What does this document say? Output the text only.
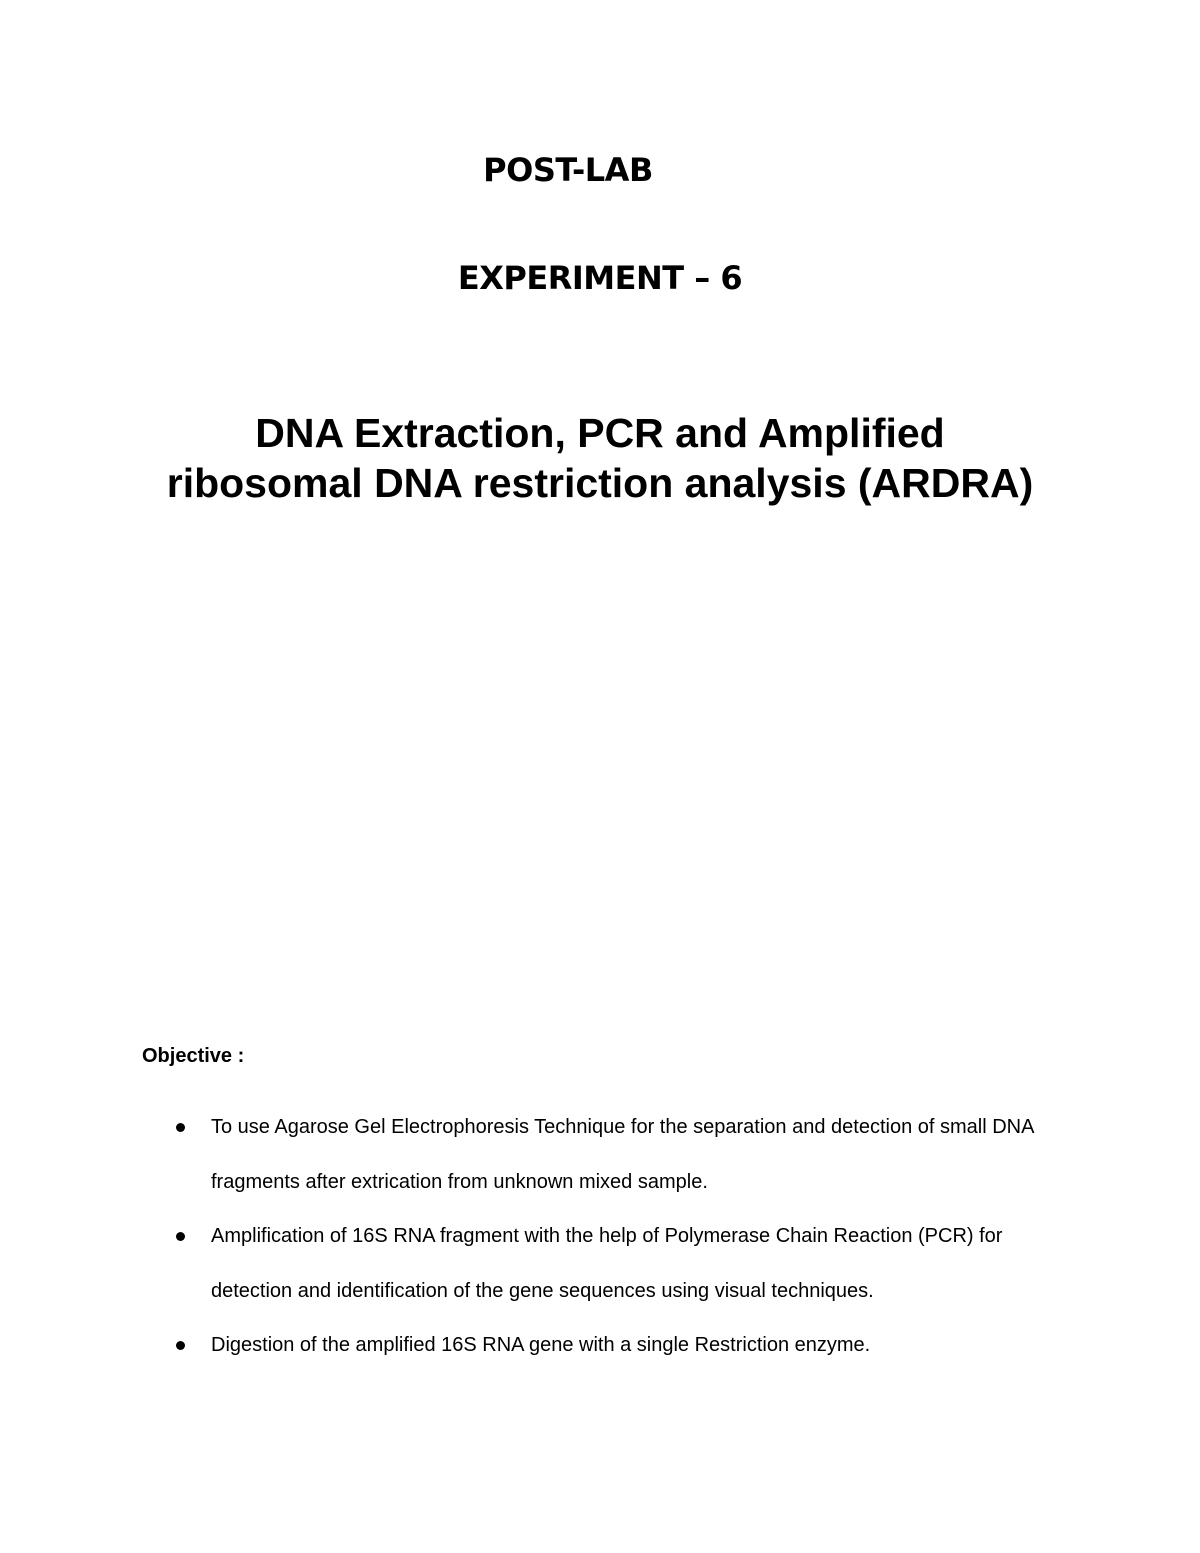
POST-LAB
EXPERIMENT – 6
DNA Extraction, PCR and Amplified
ribosomal DNA restriction analysis (ARDRA)

Objective :

To use Agarose Gel Electrophoresis Technique for the separation and detection of small DNA fragments after extrication from unknown mixed sample.
Amplification of 16S RNA fragment with the help of Polymerase Chain Reaction (PCR) for detection and identification of the gene sequences using visual techniques.
Digestion of the amplified 16S RNA gene with a single Restriction enzyme.
